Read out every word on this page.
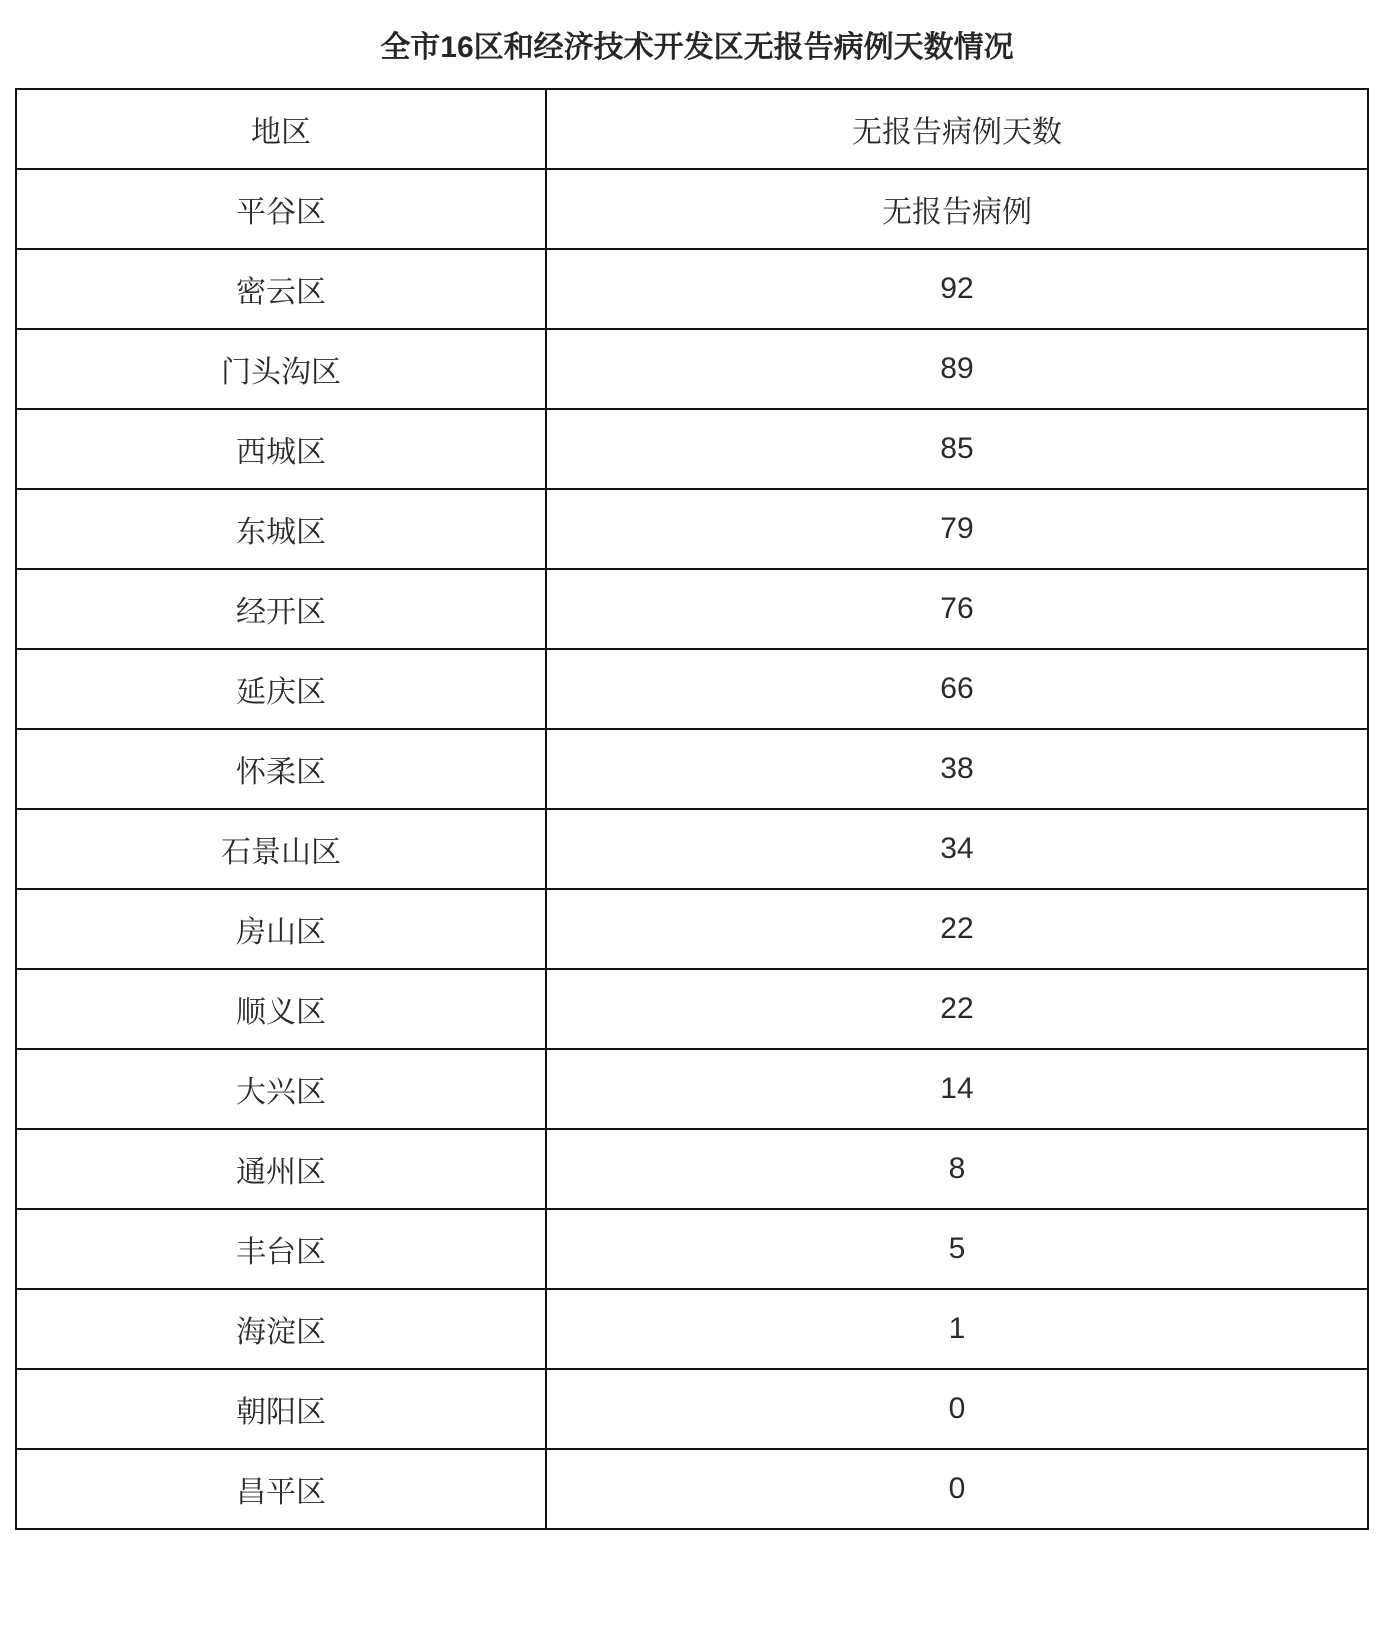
全市16区和经济技术开发区无报告病例天数情况
地区	无报告病例天数
平谷区	无报告病例
密云区	92
门头沟区	89
西城区	85
东城区	79
经开区	76
延庆区	66
怀柔区	38
石景山区	34
房山区	22
顺义区	22
大兴区	14
通州区	8
丰台区	5
海淀区	1
朝阳区	0
昌平区	0
